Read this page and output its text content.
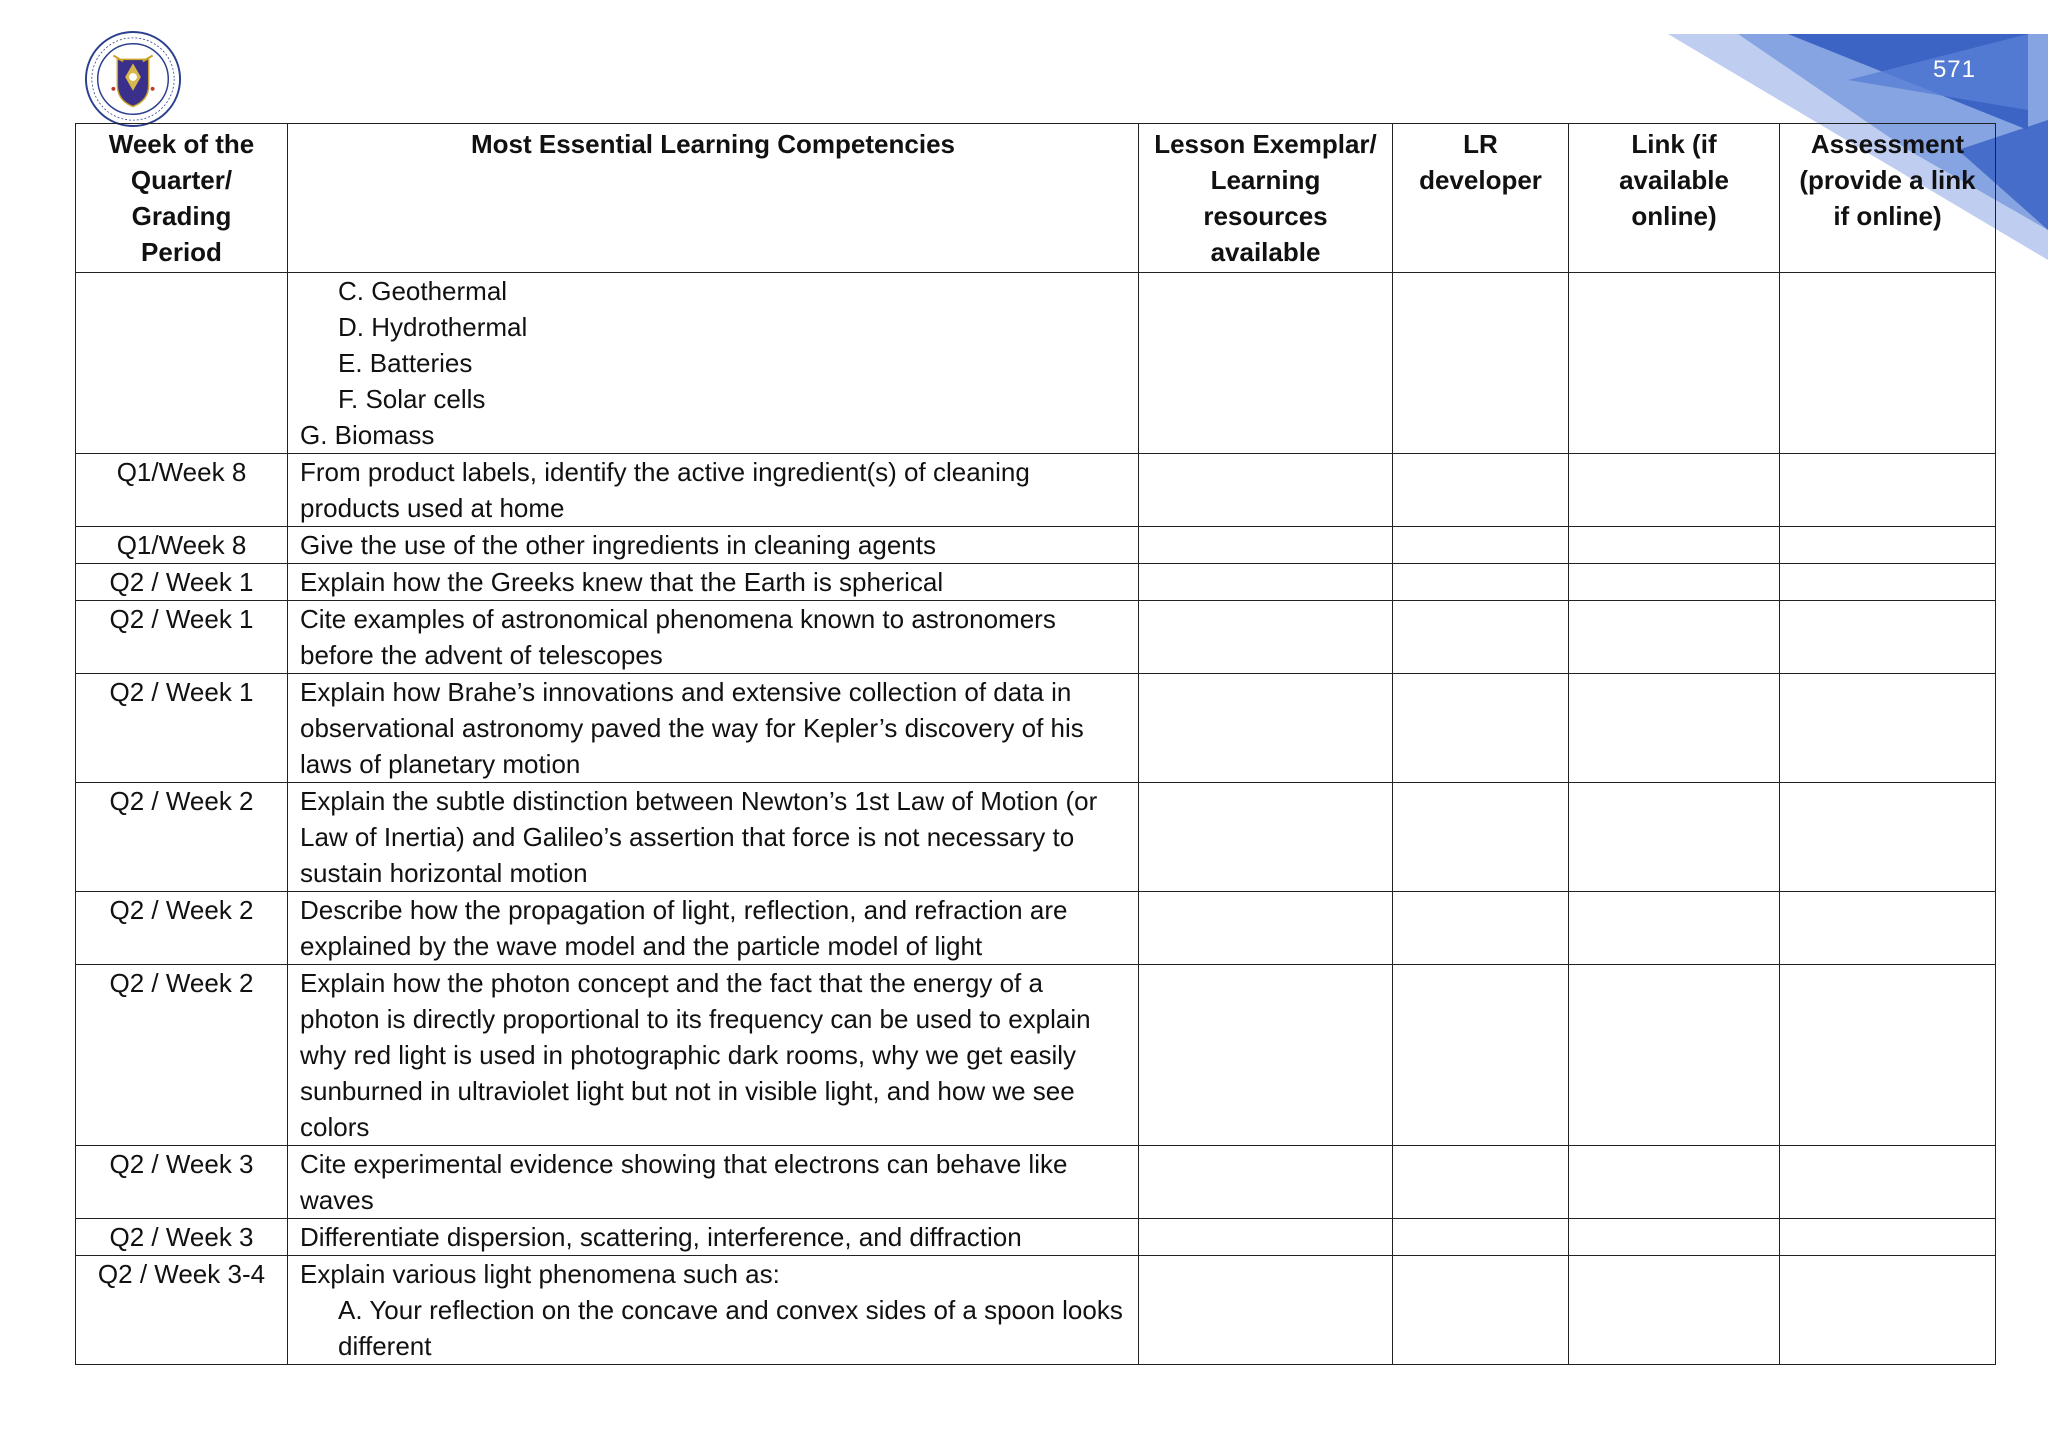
571
Week of the Quarter/ Grading Period	Most Essential Learning Competencies	Lesson Exemplar/ Learning resources available	LR developer	Link (if available online)	Assessment (provide a link if online)

	C. Geothermal
D. Hydrothermal
E. Batteries
F. Solar cells
G. Biomass				

Q1/Week 8	From product labels, identify the active ingredient(s) of cleaning products used at home				
Q1/Week 8	Give the use of the other ingredients in cleaning agents				
Q2 / Week 1	Explain how the Greeks knew that the Earth is spherical				
Q2 / Week 1	Cite examples of astronomical phenomena known to astronomers before the advent of telescopes				
Q2 / Week 1	Explain how Brahe’s innovations and extensive collection of data in observational astronomy paved the way for Kepler’s discovery of his laws of planetary motion				
Q2 / Week 2	Explain the subtle distinction between Newton’s 1st Law of Motion (or Law of Inertia) and Galileo’s assertion that force is not necessary to sustain horizontal motion				
Q2 / Week 2	Describe how the propagation of light, reflection, and refraction are explained by the wave model and the particle model of light				
Q2 / Week 2	Explain how the photon concept and the fact that the energy of a photon is directly proportional to its frequency can be used to explain why red light is used in photographic dark rooms, why we get easily sunburned in ultraviolet light but not in visible light, and how we see colors				
Q2 / Week 3	Cite experimental evidence showing that electrons can behave like waves				
Q2 / Week 3	Differentiate dispersion, scattering, interference, and diffraction				
Q2 / Week 3-4	Explain various light phenomena such as:
A. Your reflection on the concave and convex sides of a spoon looks different				
